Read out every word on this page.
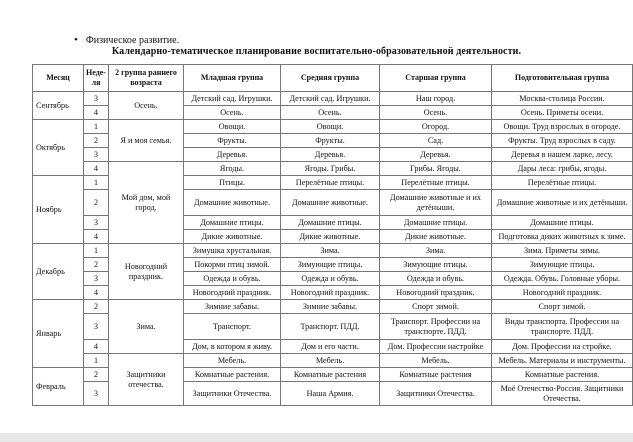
• Физическое развитие.
Календарно-тематическое планирование воспитательно-образовательной деятельности.
Месяц	Неде-ля	2 группа раннего возраста	Младшая группа	Средняя группа	Старшая группа	Подготовительная группа
Сентябрь	3	Осень.	Детский сад. Игрушки.	Детский сад. Игрушки.	Наш город.	Москва-столица России.
	4		Осень.	Осень.	Осень.	Осень. Приметы осени.
Октябрь	1	Я и моя семья.	Овощи.	Овощи.	Огород.	Овощи. Труд взрослых в огороде.
	2		Фрукты.	Фрукты.	Сад.	Фрукты. Труд взрослых в саду.
	3		Деревья.	Деревья.	Деревья.	Деревья в нашем ларке, лесу.
	4	Мой дом, мой город.	Ягоды.	Ягоды. Грибы.	Грибы. Ягоды.	Дары леса: грибы, ягоды.
Ноябрь	1		Птицы.	Перелётные птицы.	Перелётные птицы.	Перелётные птицы.
	2		Домашние животные.	Домашние животные.	Домашние животные и их детёныши.	Домашние животные и их детёныши.
	3		Домашние птицы.	Домашние птицы.	Домашние птицы.	Домашние птицы.
	4		Дикие животные.	Дикие животные.	Дикие животные.	Подготовка диких животных к зиме.
Декабрь	1	Новогодний праздник.	Зимушка хрустальная.	Зима.	Зима.	Зима. Приметы зимы.
	2		Покорми птиц зимой.	Зимующие птицы.	Зимующие птицы.	Зимующие птицы.
	3		Одежда и обувь.	Одежда и обувь.	Одежда и обувь.	Одежда. Обувь. Головные уборы.
	4		Новогодний праздник.	Новогодний праздник.	Новогодний праздник.	Новогодний праздник.
Январь	2	Зима.	Зимние забавы.	Зимние забавы.	Спорт зимой.	Спорт зимой.
	3		Транспорт.	Транспорт. ПДД.	Транспорт. Профессии на транспорте. ПДД.	Виды транспорта. Профессии на транспорте. ПДД.
	4		Дом, в котором я живу.	Дом и его части.	Дом. Профессии настройке	Дом. Профессии на стройке.
	1	Защитники отечества.	Мебель.	Мебель.	Мебель.	Мебель. Материалы и инструменты.
Февраль	2		Комнатные растения.	Комнатные растения	Комнатные растения	Комнатные растения.
	3		Защитники Отечества.	Наша Армия.	Защитники Отечества.	Моё Отечество-Россия. Защитники Отечества.
